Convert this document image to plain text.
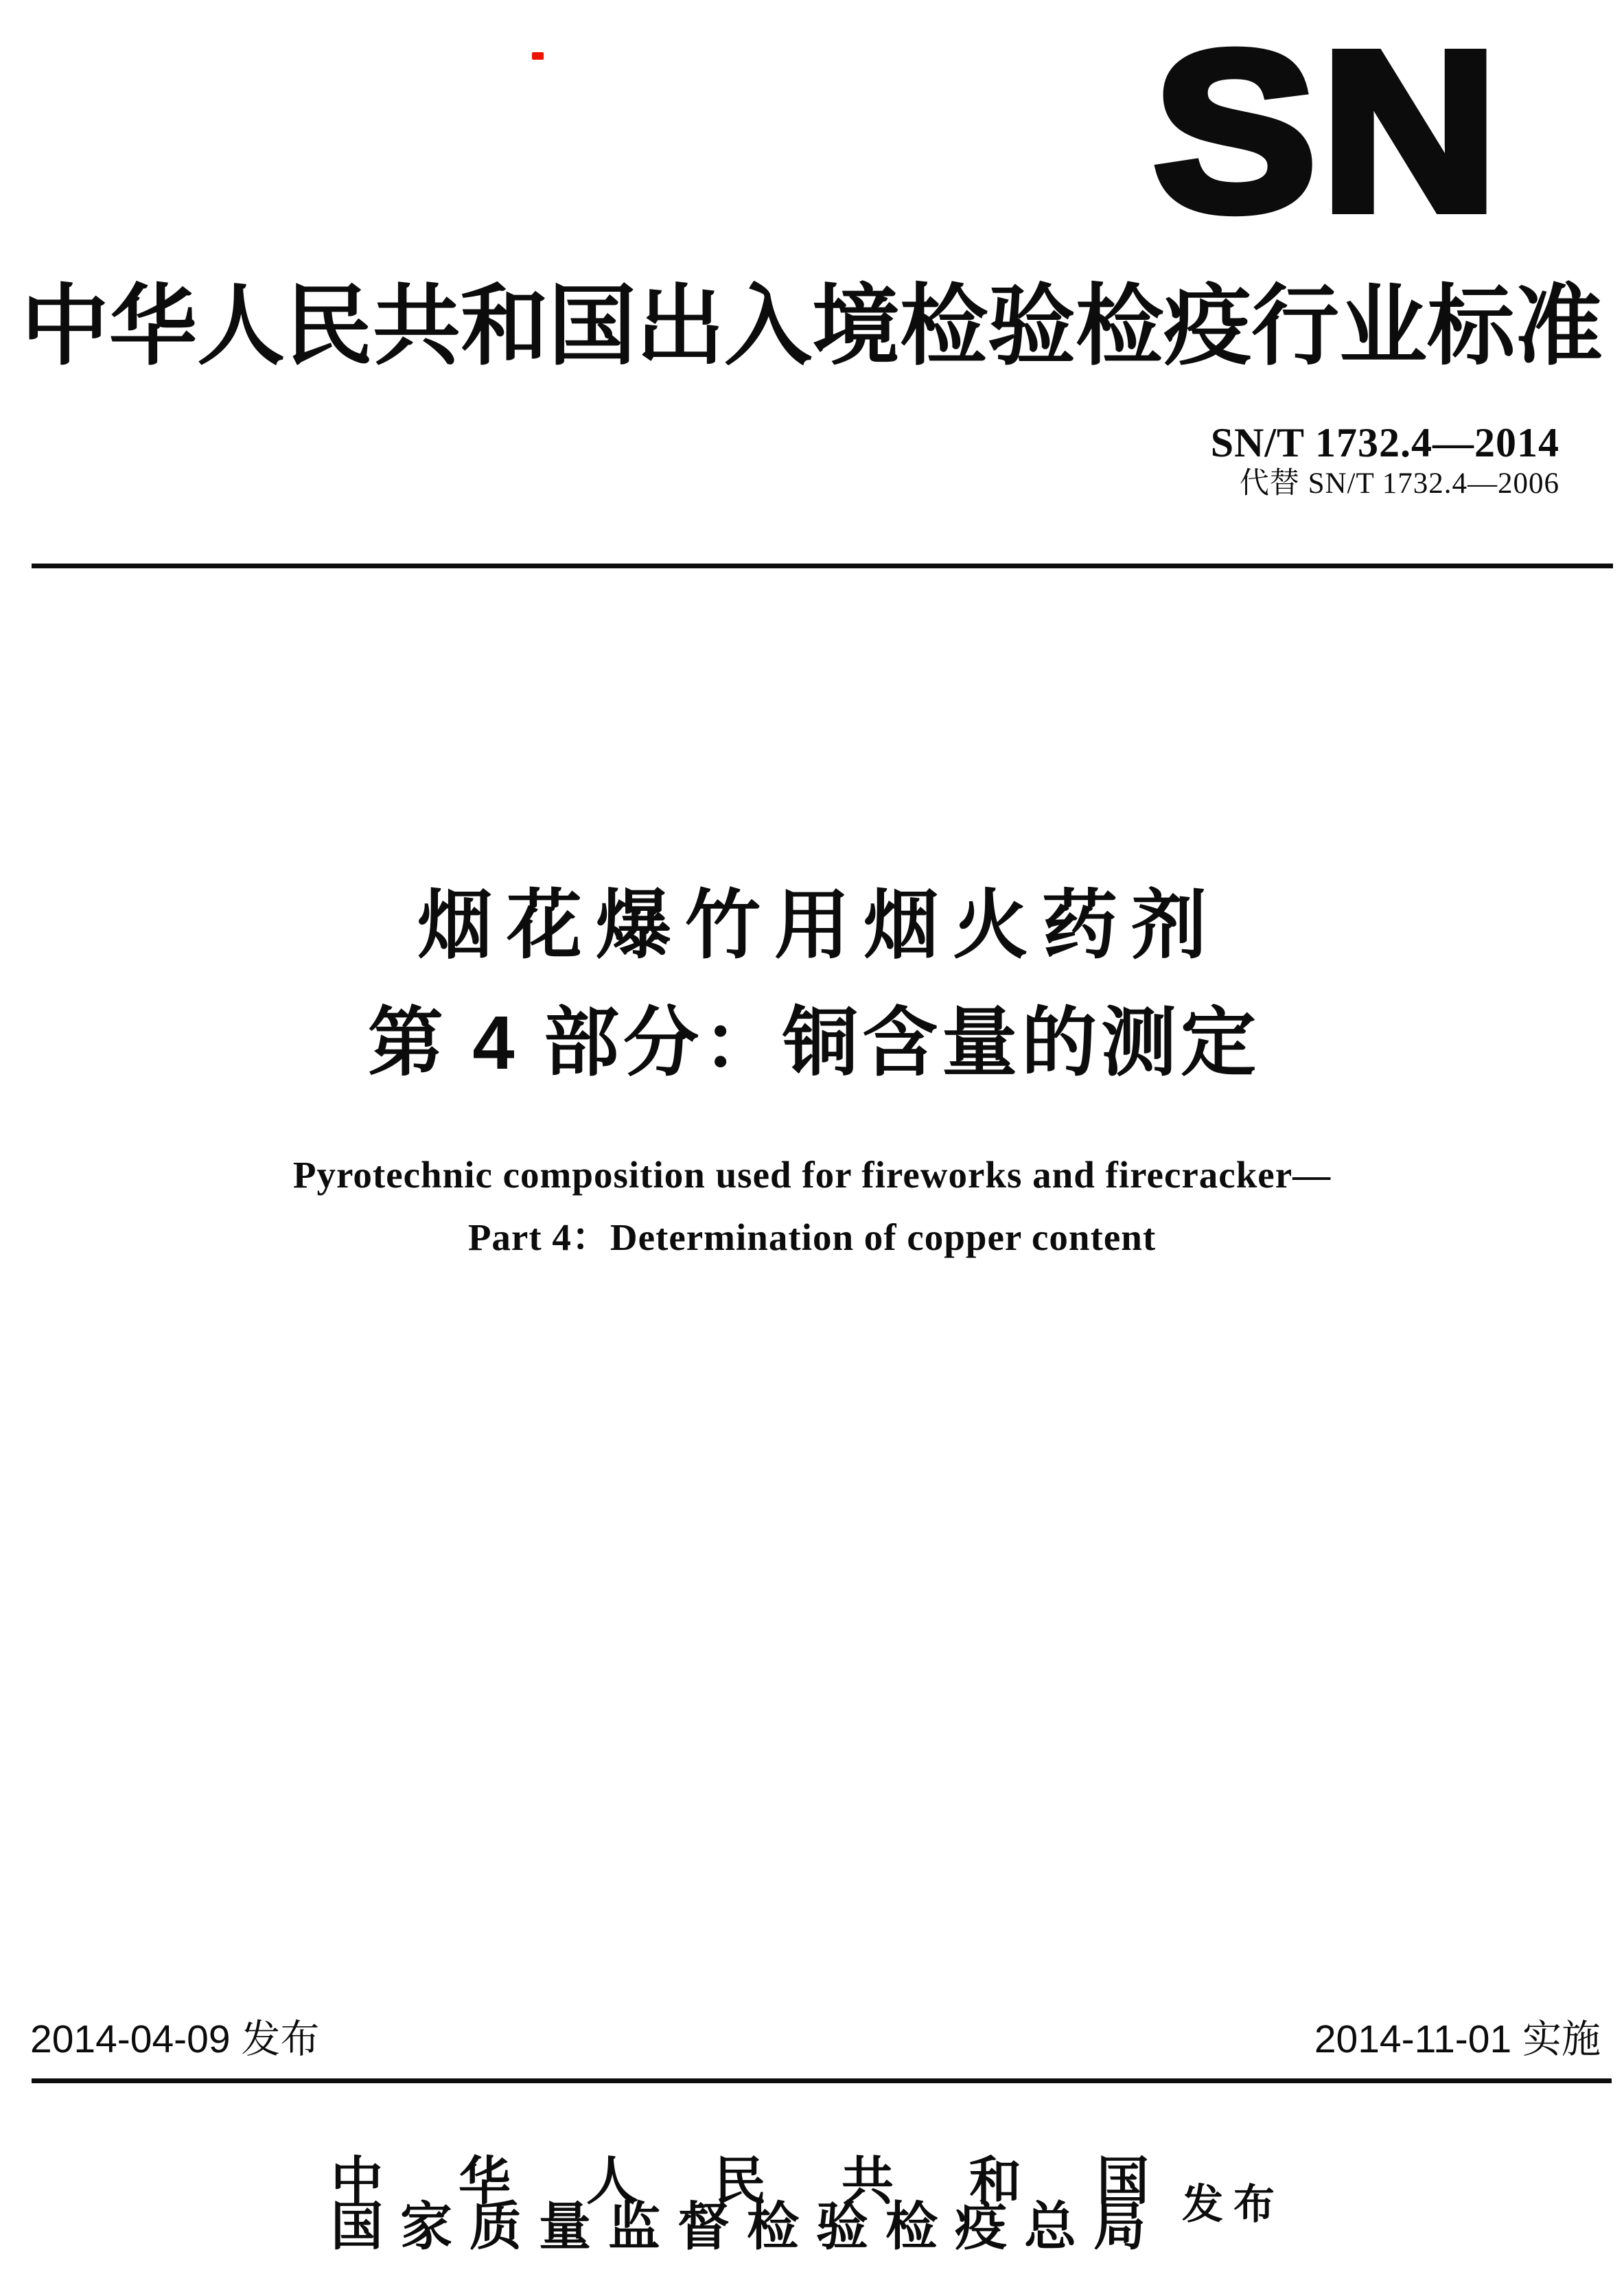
SN
中华人民共和国出入境检验检疫行业标准
SN/T 1732.4—2014
代替 SN/T 1732.4—2006
烟花爆竹用烟火药剂
第 4 部分：铜含量的测定
Pyrotechnic composition used for fireworks and firecracker—
Part 4：Determination of copper content
2014-04-09 发布	2014-11-01 实施
中华人民共和国
国家质量监督检验检疫总局 发 布
